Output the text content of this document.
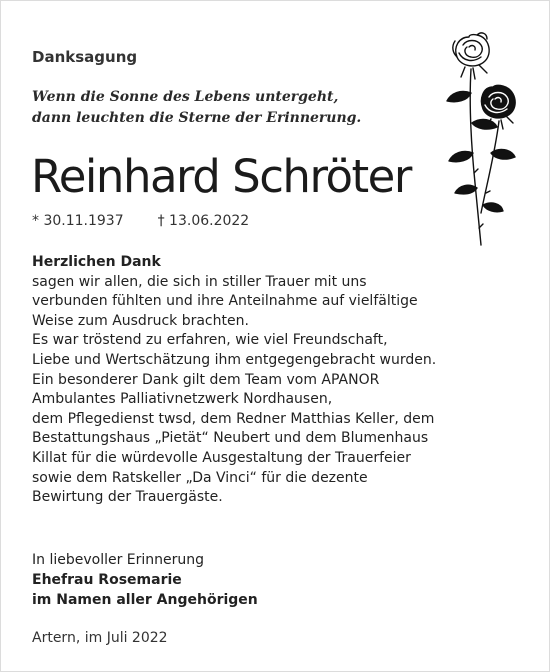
Danksagung

Wenn die Sonne des Lebens untergeht,
dann leuchten die Sterne der Erinnerung.

Reinhard Schröter
* 30.11.1937 † 13.06.2022
Herzlichen Dank
sagen wir allen, die sich in stiller Trauer mit uns
verbunden fühlten und ihre Anteilnahme auf vielfältige
Weise zum Ausdruck brachten.
Es war tröstend zu erfahren, wie viel Freundschaft,
Liebe und Wertschätzung ihm entgegengebracht wurden.
Ein besonderer Dank gilt dem Team vom APANOR
Ambulantes Palliativnetzwerk Nordhausen,
dem Pflegedienst twsd, dem Redner Matthias Keller, dem
Bestattungshaus „Pietät“ Neubert und dem Blumenhaus
Killat für die würdevolle Ausgestaltung der Trauerfeier
sowie dem Ratskeller „Da Vinci“ für die dezente
Bewirtung der Trauergäste.
In liebevoller Erinnerung
Ehefrau Rosemarie
im Namen aller Angehörigen
Artern, im Juli 2022
